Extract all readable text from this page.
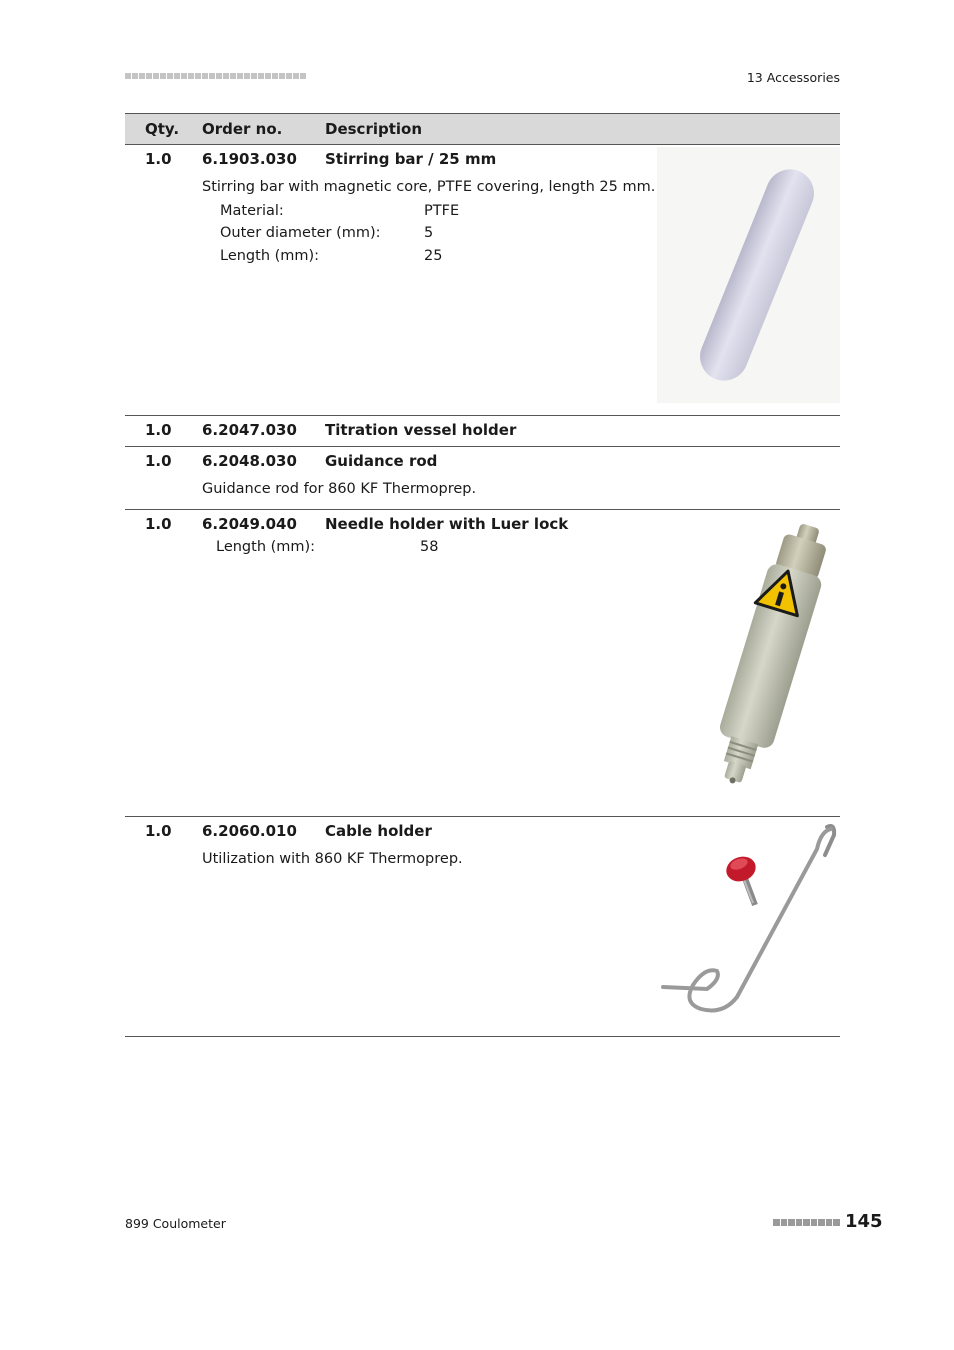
13 Accessories
Qty. Order no.	Description
1.0 6.1903.030 Stirring bar / 25 mm
Stirring bar with magnetic core, PTFE covering, length 25 mm.
Material:	PTFE
Outer diameter (mm):	5
Length (mm):	25
1.0 6.2047.030 Titration vessel holder
1.0 6.2048.030 Guidance rod
Guidance rod for 860 KF Thermoprep.
1.0 6.2049.040 Needle holder with Luer lock
Length (mm):	58
1.0 6.2060.010 Cable holder
Utilization with 860 KF Thermoprep.
899 Coulometer	145
